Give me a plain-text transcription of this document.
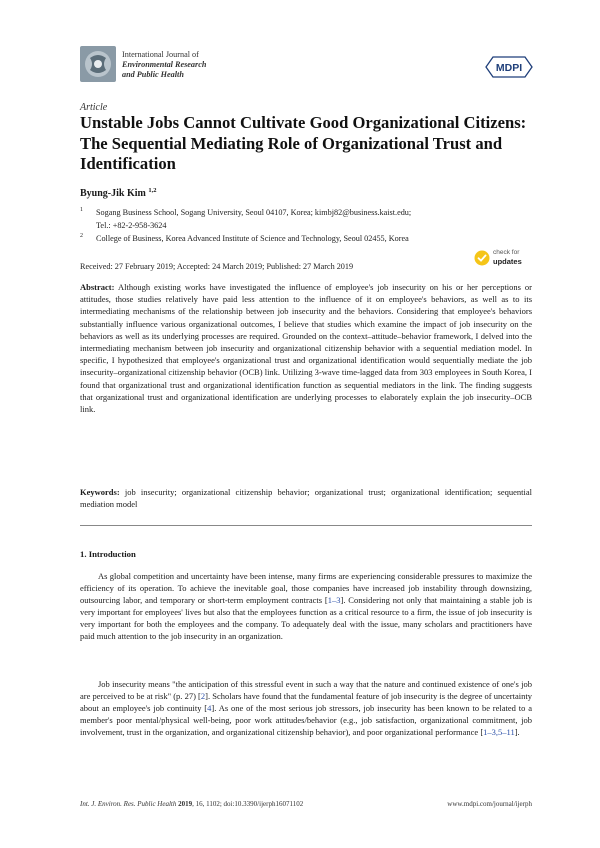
International Journal of
Environmental Research
and Public Health
MDPI
Article
Unstable Jobs Cannot Cultivate Good Organizational Citizens: The Sequential Mediating Role of Organizational Trust and Identification
Byung-Jik Kim $^{1,2}$
1 Sogang Business School, Sogang University, Seoul 04107, Korea; kimbj82@business.kaist.edu;
Tel.: +82-2-958-3624
2 College of Business, Korea Advanced Institute of Science and Technology, Seoul 02455, Korea
Received: 27 February 2019; Accepted: 24 March 2019; Published: 27 March 2019
check for
updates
Abstract: Although existing works have investigated the influence of employee's job insecurity on his or her perceptions or attitudes, those studies relatively have paid less attention to the influence of it on employee's behaviors, as well as to its intermediating mechanisms of the relationship between job insecurity and the behaviors. Considering that employee's behaviors substantially influence various organizational outcomes, I believe that studies which examine the impact of job insecurity on the behaviors as well as its underlying processes are required. Grounded on the context–attitude–behavior framework, I delved into the intermediating mechanism between job insecurity and organizational citizenship behavior with a sequential mediation model. In specific, I hypothesized that employee's organizational trust and organizational identification would sequentially mediate the job insecurity–organizational citizenship behavior (OCB) link. Utilizing 3-wave time-lagged data from 303 employees in South Korea, I found that organizational trust and organizational identification function as sequential mediators in the link. The finding suggests that organizational trust and organizational identification are underlying processes to elaborately explain the job insecurity–OCB link.
Keywords: job insecurity; organizational citizenship behavior; organizational trust; organizational identification; sequential mediation model
1. Introduction
As global competition and uncertainty have been intense, many firms are experiencing considerable pressures to maximize the efficiency of its operation. To achieve the inevitable goal, those companies have increased job instability through downsizing, outsourcing labor, and temporary or short-term employment contracts [1–3]. Considering not only that maintaining a stable job is very important for employees' lives but also that the employees function as a critical resource to a firm, the issue of job insecurity is very important for both the employees and the company. To adequately deal with the issue, many scholars and practitioners have paid much attention to the job insecurity in an organization.
Job insecurity means "the anticipation of this stressful event in such a way that the nature and continued existence of one's job are perceived to be at risk" (p. 27) [2]. Scholars have found that the fundamental feature of job insecurity is the degree of uncertainty about an employee's job continuity [4]. As one of the most serious job stressors, job insecurity has been known to be related to a member's poor mental/physical well-being, poor work attitudes/behavior (e.g., job satisfaction, organizational commitment, job involvement, trust in the organization, and organizational citizenship behavior), and poor organizational performance [1–3,5–11].
Int. J. Environ. Res. Public Health 2019, 16, 1102; doi:10.3390/ijerph16071102	www.mdpi.com/journal/ijerph
